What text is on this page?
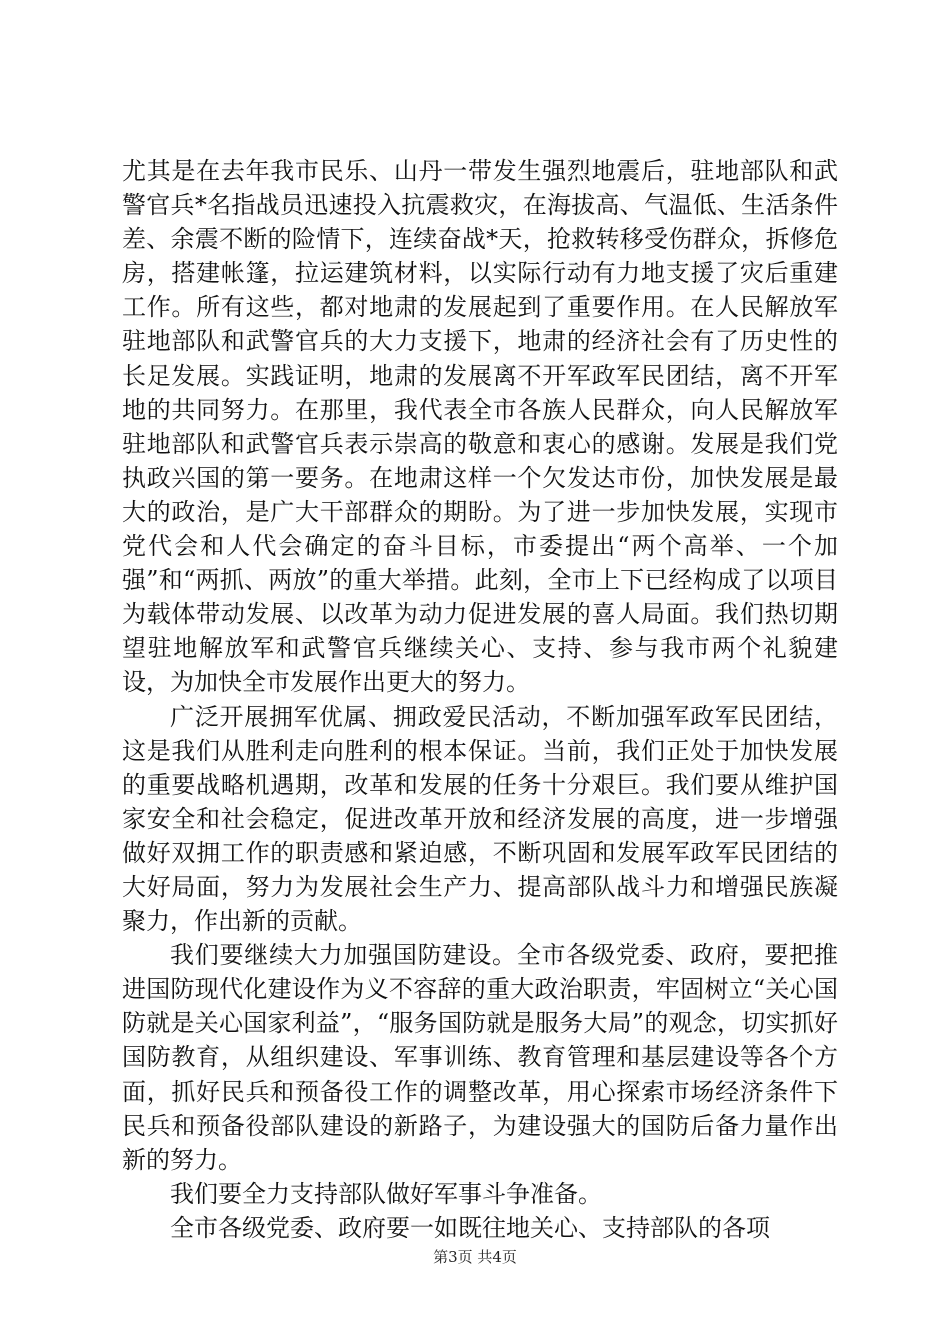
尤其是在去年我市民乐、山丹一带发生强烈地震后，驻地部队和武警官兵*名指战员迅速投入抗震救灾，在海拔高、气温低、生活条件差、余震不断的险情下，连续奋战*天，抢救转移受伤群众，拆修危房，搭建帐篷，拉运建筑材料，以实际行动有力地支援了灾后重建工作。所有这些，都对地肃的发展起到了重要作用。在人民解放军驻地部队和武警官兵的大力支援下，地肃的经济社会有了历史性的长足发展。实践证明，地肃的发展离不开军政军民团结，离不开军地的共同努力。在那里，我代表全市各族人民群众，向人民解放军驻地部队和武警官兵表示崇高的敬意和衷心的感谢。发展是我们党执政兴国的第一要务。在地肃这样一个欠发达市份，加快发展是最大的政治，是广大干部群众的期盼。为了进一步加快发展，实现市党代会和人代会确定的奋斗目标，市委提出“两个高举、一个加强”和“两抓、两放”的重大举措。此刻，全市上下已经构成了以项目为载体带动发展、以改革为动力促进发展的喜人局面。我们热切期望驻地解放军和武警官兵继续关心、支持、参与我市两个礼貌建设，为加快全市发展作出更大的努力。

广泛开展拥军优属、拥政爱民活动，不断加强军政军民团结，这是我们从胜利走向胜利的根本保证。当前，我们正处于加快发展的重要战略机遇期，改革和发展的任务十分艰巨。我们要从维护国家安全和社会稳定，促进改革开放和经济发展的高度，进一步增强做好双拥工作的职责感和紧迫感，不断巩固和发展军政军民团结的大好局面，努力为发展社会生产力、提高部队战斗力和增强民族凝聚力，作出新的贡献。

我们要继续大力加强国防建设。全市各级党委、政府，要把推进国防现代化建设作为义不容辞的重大政治职责，牢固树立“关心国防就是关心国家利益”，“服务国防就是服务大局”的观念，切实抓好国防教育，从组织建设、军事训练、教育管理和基层建设等各个方面，抓好民兵和预备役工作的调整改革，用心探索市场经济条件下民兵和预备役部队建设的新路子，为建设强大的国防后备力量作出新的努力。

我们要全力支持部队做好军事斗争准备。

全市各级党委、政府要一如既往地关心、支持部队的各项

第3页 共4页
